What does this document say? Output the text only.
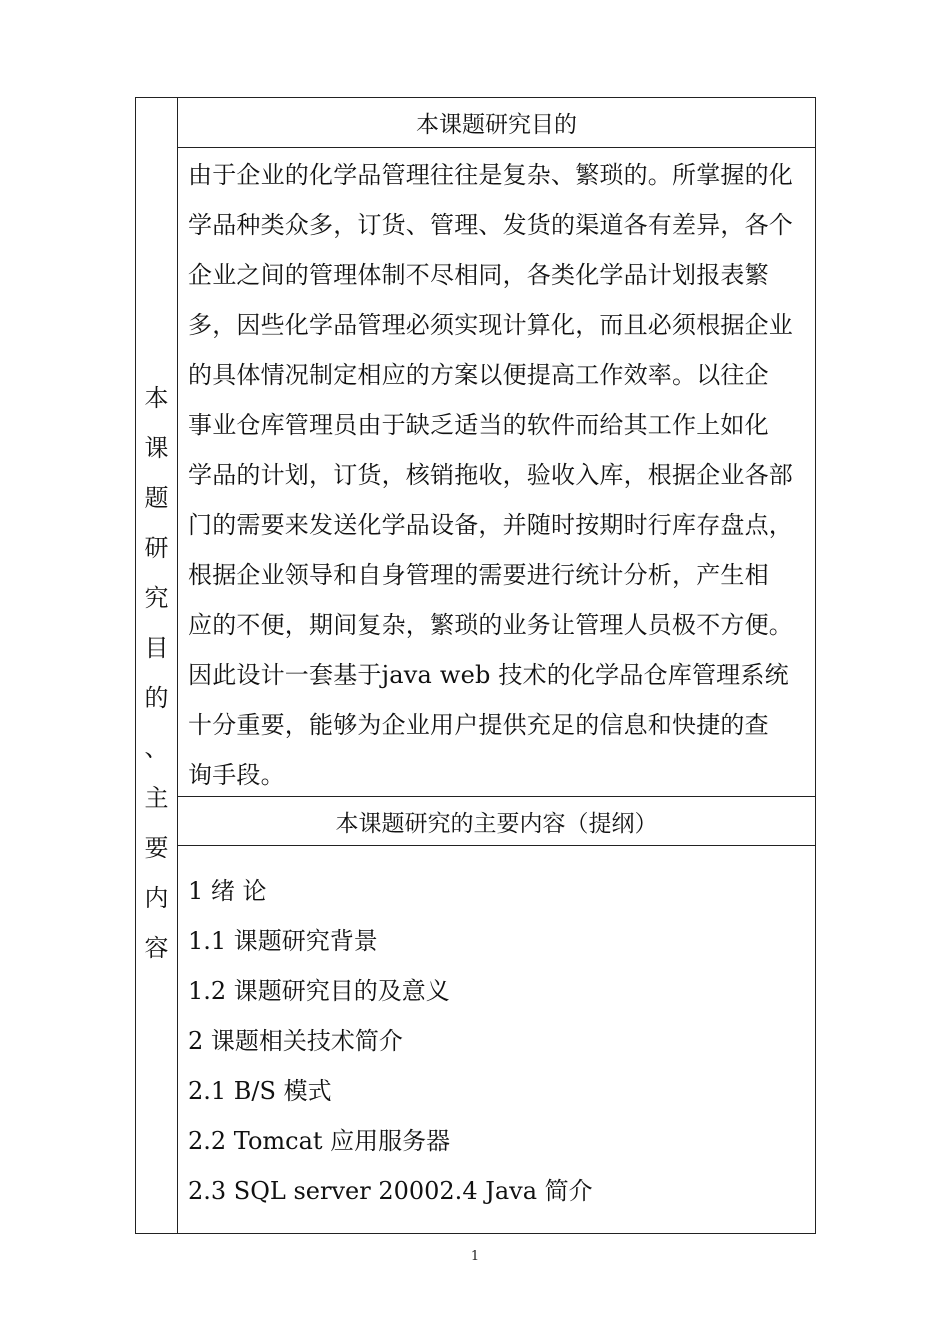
本
课
题
研
究
目
的
、
主
要
内
容
本课题研究目的
由于企业的化学品管理往往是复杂、繁琐的。所掌握的化
学品种类众多，订货、管理、发货的渠道各有差异，各个
企业之间的管理体制不尽相同，各类化学品计划报表繁
多，因些化学品管理必须实现计算化，而且必须根据企业
的具体情况制定相应的方案以便提高工作效率。以往企
事业仓库管理员由于缺乏适当的软件而给其工作上如化
学品的计划，订货，核销拖收，验收入库，根据企业各部
门的需要来发送化学品设备，并随时按期时行库存盘点，
根据企业领导和自身管理的需要进行统计分析，产生相
应的不便，期间复杂，繁琐的业务让管理人员极不方便。
因此设计一套基于java web 技术的化学品仓库管理系统
十分重要，能够为企业用户提供充足的信息和快捷的查
询手段。
本课题研究的主要内容（提纲）
1 绪 论
1.1 课题研究背景
1.2 课题研究目的及意义
2 课题相关技术简介
2.1 B/S 模式
2.2 Tomcat 应用服务器
2.3 SQL server 20002.4 Java 简介
1
